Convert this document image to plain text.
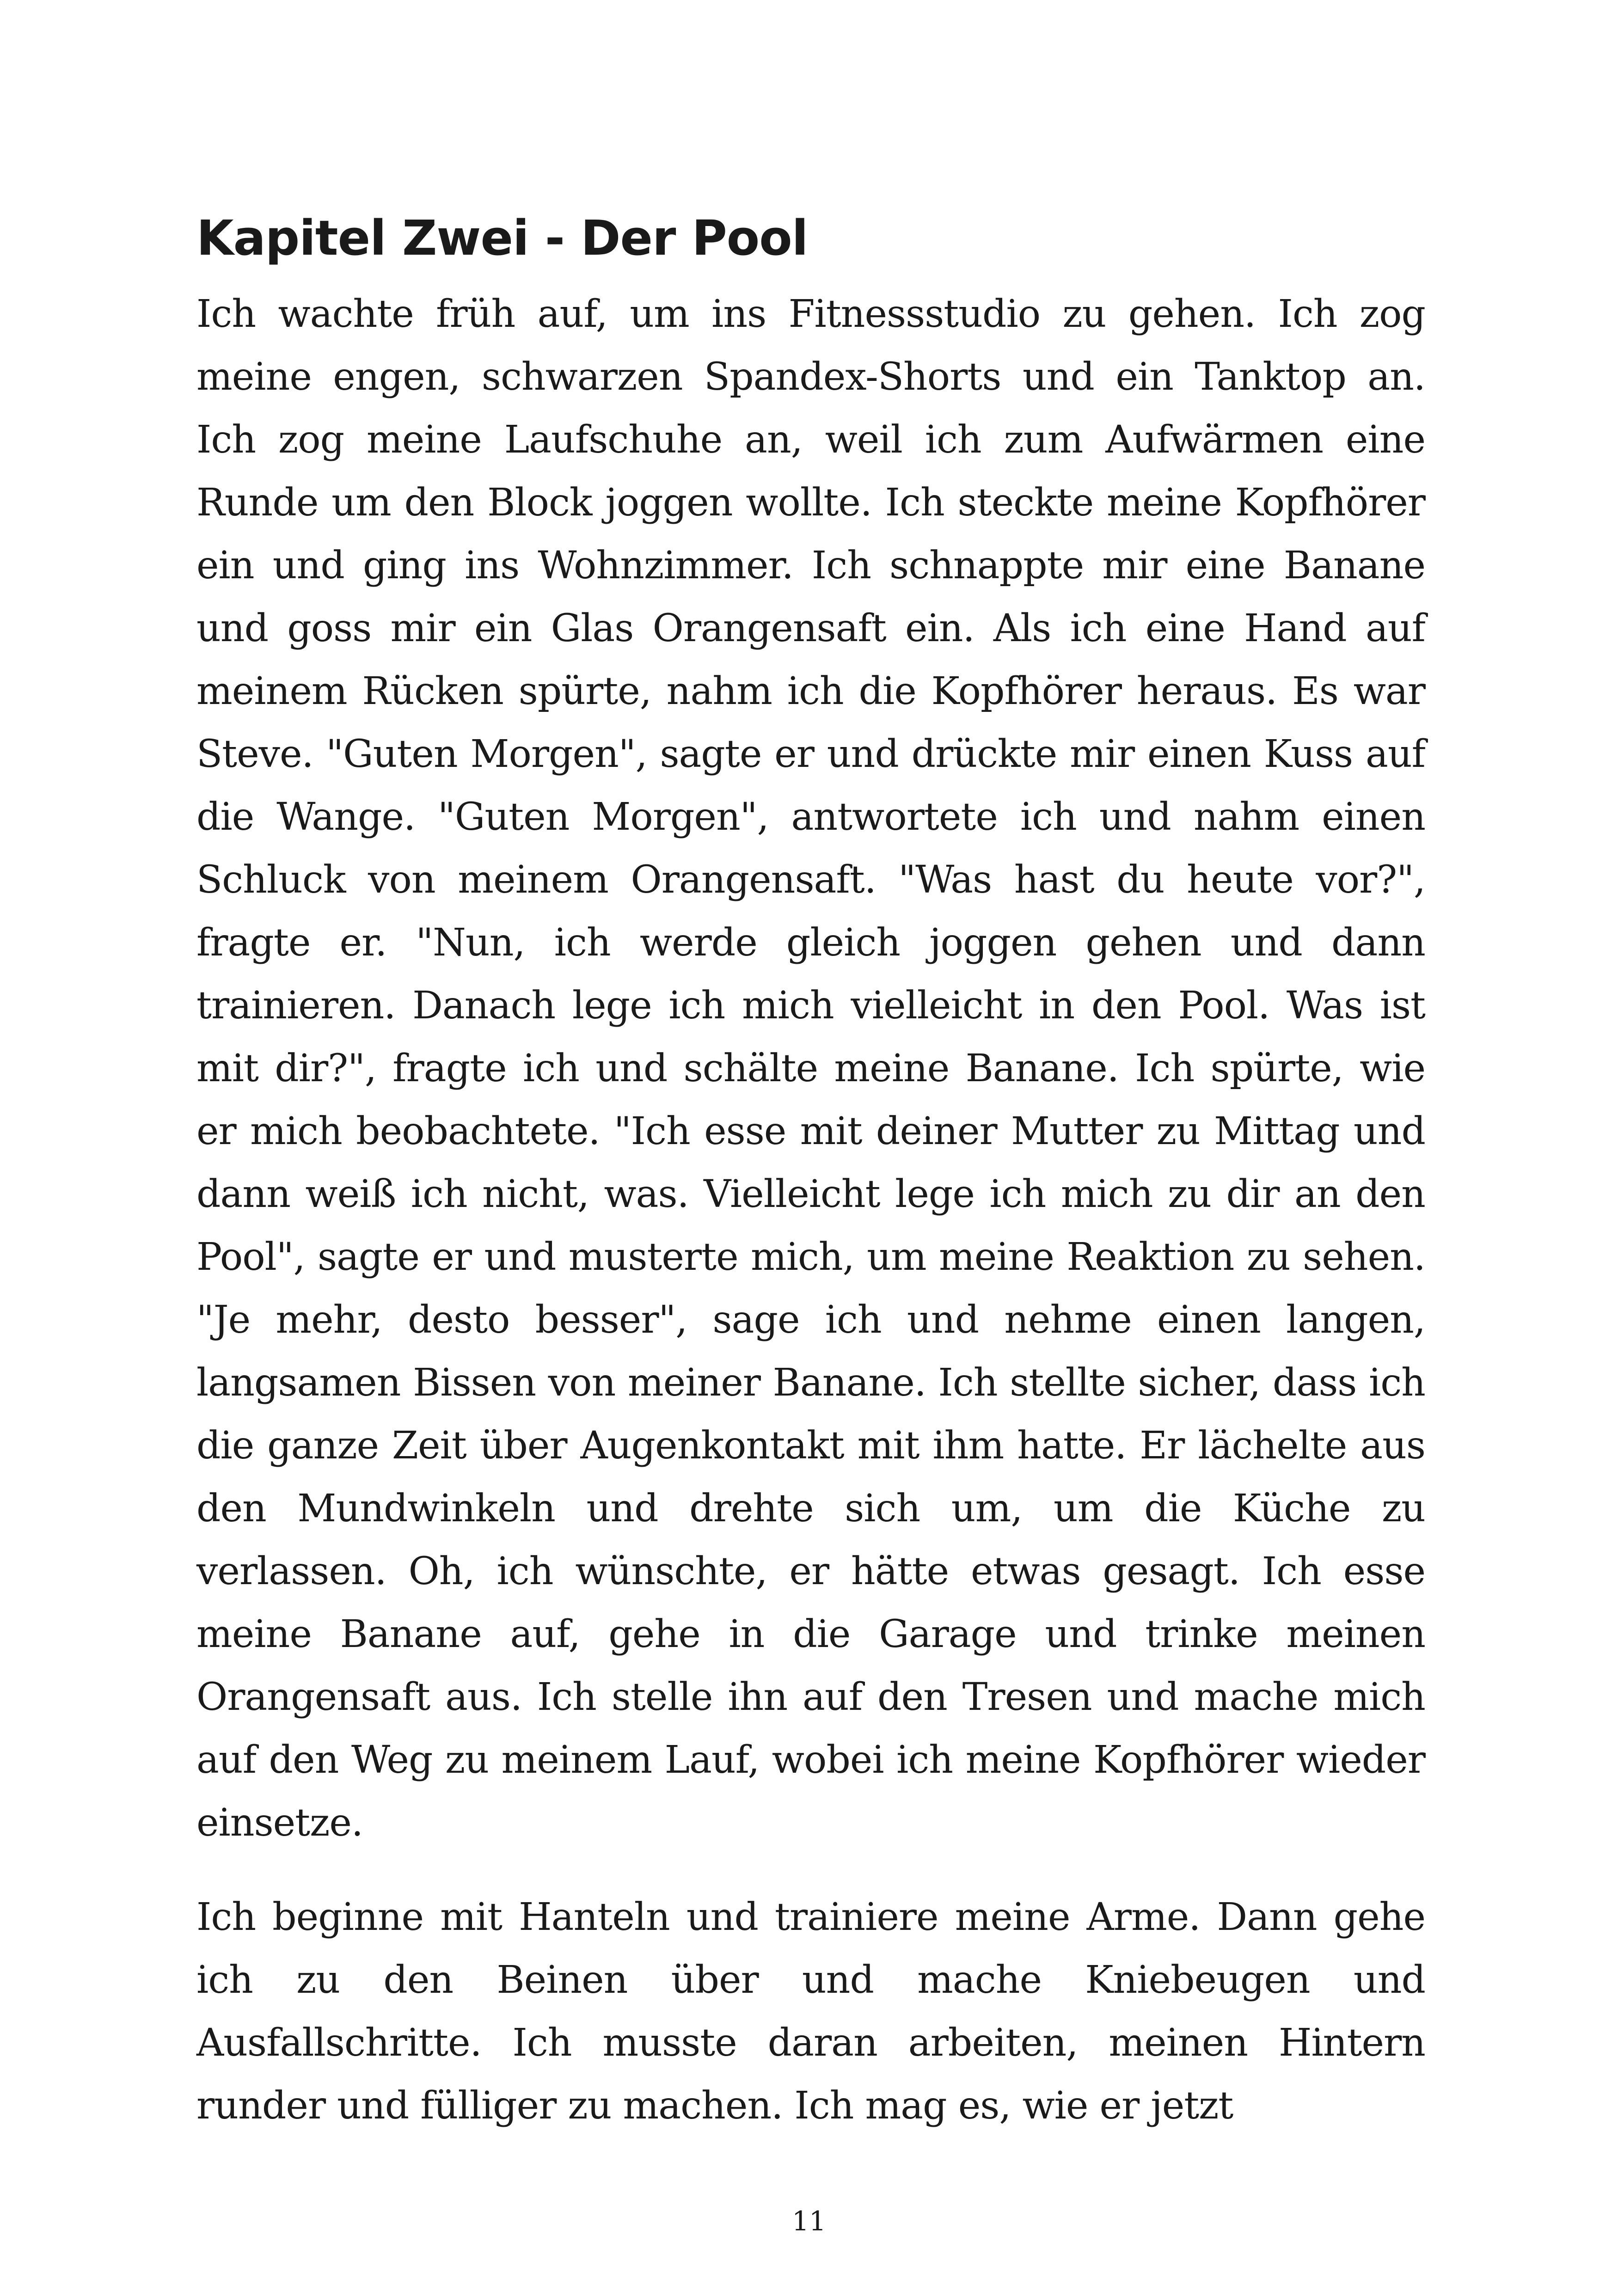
Kapitel Zwei - Der Pool

Ich wachte früh auf, um ins Fitnessstudio zu gehen. Ich zog meine engen, schwarzen Spandex-Shorts und ein Tanktop an. Ich zog meine Laufschuhe an, weil ich zum Aufwärmen eine Runde um den Block joggen wollte. Ich steckte meine Kopfhörer ein und ging ins Wohnzimmer. Ich schnappte mir eine Banane und goss mir ein Glas Orangensaft ein. Als ich eine Hand auf meinem Rücken spürte, nahm ich die Kopfhörer heraus. Es war Steve. "Guten Morgen", sagte er und drückte mir einen Kuss auf die Wange. "Guten Morgen", antwortete ich und nahm einen Schluck von meinem Orangensaft. "Was hast du heute vor?", fragte er. "Nun, ich werde gleich joggen gehen und dann trainieren. Danach lege ich mich vielleicht in den Pool. Was ist mit dir?", fragte ich und schälte meine Banane. Ich spürte, wie er mich beobachtete. "Ich esse mit deiner Mutter zu Mittag und dann weiß ich nicht, was. Vielleicht lege ich mich zu dir an den Pool", sagte er und musterte mich, um meine Reaktion zu sehen. "Je mehr, desto besser", sage ich und nehme einen langen, langsamen Bissen von meiner Banane. Ich stellte sicher, dass ich die ganze Zeit über Augenkontakt mit ihm hatte. Er lächelte aus den Mundwinkeln und drehte sich um, um die Küche zu verlassen. Oh, ich wünschte, er hätte etwas gesagt. Ich esse meine Banane auf, gehe in die Garage und trinke meinen Orangensaft aus. Ich stelle ihn auf den Tresen und mache mich auf den Weg zu meinem Lauf, wobei ich meine Kopfhörer wieder einsetze.

Ich beginne mit Hanteln und trainiere meine Arme. Dann gehe ich zu den Beinen über und mache Kniebeugen und Ausfallschritte. Ich musste daran arbeiten, meinen Hintern runder und fülliger zu machen. Ich mag es, wie er jetzt

11
